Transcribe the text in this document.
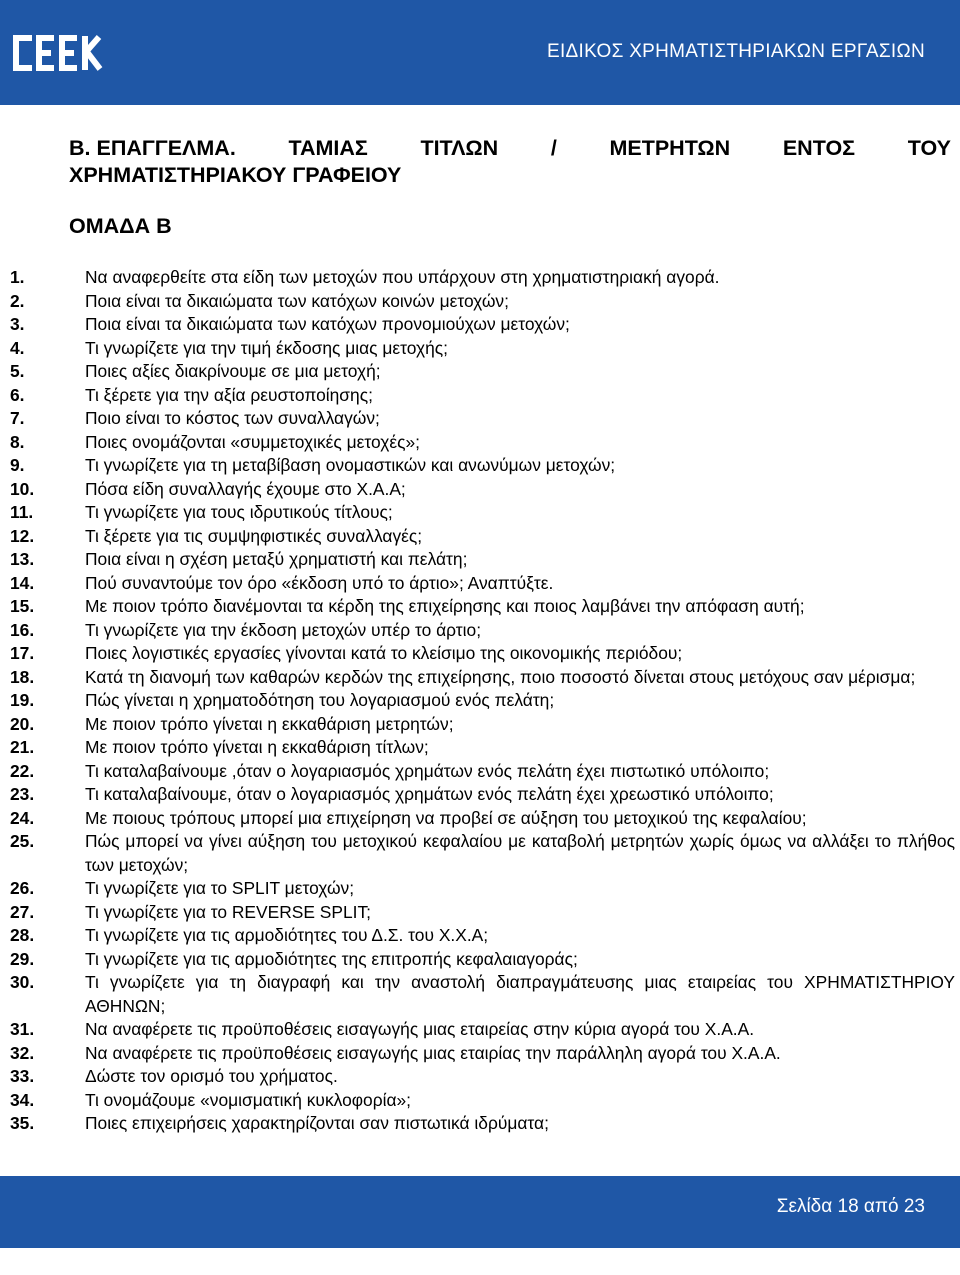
ΕΙΔΙΚΟΣ ΧΡΗΜΑΤΙΣΤΗΡΙΑΚΩΝ ΕΡΓΑΣΙΩΝ
Β. ΕΠΑΓΓΕΛΜΑ. ΤΑΜΙΑΣ ΤΙΤΛΩΝ / ΜΕΤΡΗΤΩΝ ΕΝΤΟΣ ΤΟΥ
ΧΡΗΜΑΤΙΣΤΗΡΙΑΚΟΥ ΓΡΑΦΕΙΟΥ
ΟΜΑΔΑ Β
1.	Να αναφερθείτε στα είδη των μετοχών που υπάρχουν στη χρηματιστηριακή αγορά.
2.	Ποια είναι τα δικαιώματα των κατόχων κοινών μετοχών;
3.	Ποια είναι τα δικαιώματα των κατόχων προνομιούχων μετοχών;
4.	Τι γνωρίζετε για την τιμή έκδοσης μιας μετοχής;
5.	Ποιες αξίες διακρίνουμε σε μια μετοχή;
6.	Τι ξέρετε για την αξία ρευστοποίησης;
7.	Ποιο είναι το κόστος των συναλλαγών;
8.	Ποιες ονομάζονται «συμμετοχικές μετοχές»;
9.	Τι γνωρίζετε για τη μεταβίβαση ονομαστικών και ανωνύμων μετοχών;
10.	Πόσα είδη συναλλαγής έχουμε στο Χ.Α.Α;
11.	Τι γνωρίζετε για τους ιδρυτικούς τίτλους;
12.	Τι ξέρετε για τις συμψηφιστικές συναλλαγές;
13.	Ποια είναι η σχέση μεταξύ χρηματιστή και πελάτη;
14.	Πού συναντούμε τον όρο «έκδοση υπό το άρτιο»; Αναπτύξτε.
15.	Με ποιον τρόπο διανέμονται τα κέρδη της επιχείρησης και ποιος λαμβάνει την απόφαση αυτή;
16.	Τι γνωρίζετε για την έκδοση μετοχών υπέρ το άρτιο;
17.	Ποιες λογιστικές εργασίες γίνονται κατά το κλείσιμο της οικονομικής περιόδου;
18.	Κατά τη διανομή των καθαρών κερδών της επιχείρησης, ποιο ποσοστό δίνεται στους μετόχους σαν μέρισμα;
19.	Πώς γίνεται η χρηματοδότηση του λογαριασμού ενός πελάτη;
20.	Με ποιον τρόπο γίνεται η εκκαθάριση μετρητών;
21.	Με ποιον τρόπο γίνεται η εκκαθάριση τίτλων;
22.	Τι καταλαβαίνουμε ,όταν ο λογαριασμός χρημάτων ενός πελάτη έχει πιστωτικό υπόλοιπο;
23.	Τι καταλαβαίνουμε, όταν ο λογαριασμός χρημάτων ενός πελάτη έχει χρεωστικό υπόλοιπο;
24.	Με ποιους τρόπους μπορεί μια επιχείρηση να προβεί σε αύξηση του μετοχικού της κεφαλαίου;
25.	Πώς μπορεί να γίνει αύξηση του μετοχικού κεφαλαίου με καταβολή μετρητών χωρίς όμως να αλλάξει το πλήθος των μετοχών;
26.	Τι γνωρίζετε για το SPLIT μετοχών;
27.	Τι γνωρίζετε για το REVERSE SPLIT;
28.	Τι γνωρίζετε για τις αρμοδιότητες του Δ.Σ. του Χ.Χ.Α;
29.	Τι γνωρίζετε για τις αρμοδιότητες της επιτροπής κεφαλαιαγοράς;
30.	Τι γνωρίζετε για τη διαγραφή και την αναστολή διαπραγμάτευσης μιας εταιρείας του ΧΡΗΜΑΤΙΣΤΗΡΙΟΥ ΑΘΗΝΩΝ;
31.	Να αναφέρετε τις προϋποθέσεις εισαγωγής μιας εταιρείας στην κύρια αγορά του Χ.Α.Α.
32.	Να αναφέρετε τις προϋποθέσεις εισαγωγής μιας εταιρίας την παράλληλη αγορά του Χ.Α.Α.
33.	Δώστε τον ορισμό του χρήματος.
34.	Τι ονομάζουμε «νομισματική κυκλοφορία»;
35.	Ποιες επιχειρήσεις χαρακτηρίζονται σαν πιστωτικά ιδρύματα;
Σελίδα 18 από 23
